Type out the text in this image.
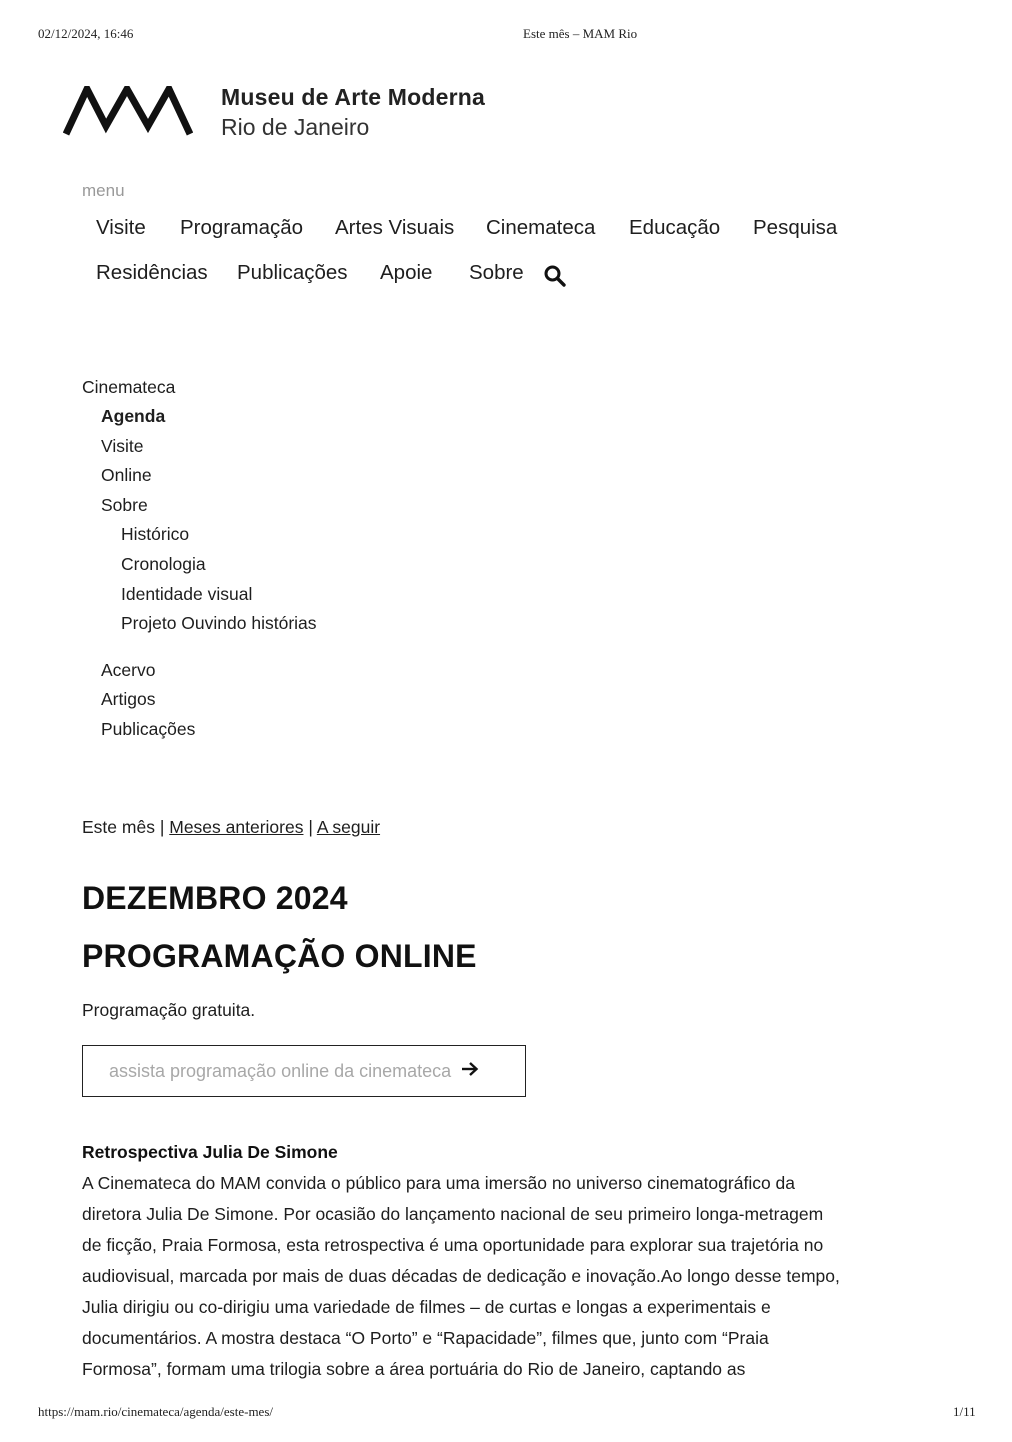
02/12/2024, 16:46	Este mês – MAM Rio
Museu de Arte Moderna
Rio de Janeiro
menu
Visite Programação Artes Visuais Cinemateca Educação Pesquisa
Residências Publicações Apoie Sobre
Cinemateca
Agenda
Visite
Online
Sobre
Histórico
Cronologia
Identidade visual
Projeto Ouvindo histórias
Acervo
Artigos
Publicações
Este mês | Meses anteriores | A seguir
DEZEMBRO 2024
PROGRAMAÇÃO ONLINE
Programação gratuita.
assista programação online da cinemateca
Retrospectiva Julia De Simone
A Cinemateca do MAM convida o público para uma imersão no universo cinematográfico da
diretora Julia De Simone. Por ocasião do lançamento nacional de seu primeiro longa-metragem
de ficção, Praia Formosa, esta retrospectiva é uma oportunidade para explorar sua trajetória no
audiovisual, marcada por mais de duas décadas de dedicação e inovação.Ao longo desse tempo,
Julia dirigiu ou co-dirigiu uma variedade de filmes – de curtas e longas a experimentais e
documentários. A mostra destaca “O Porto” e “Rapacidade”, filmes que, junto com “Praia
Formosa”, formam uma trilogia sobre a área portuária do Rio de Janeiro, captando as
https://mam.rio/cinemateca/agenda/este-mes/	1/11
